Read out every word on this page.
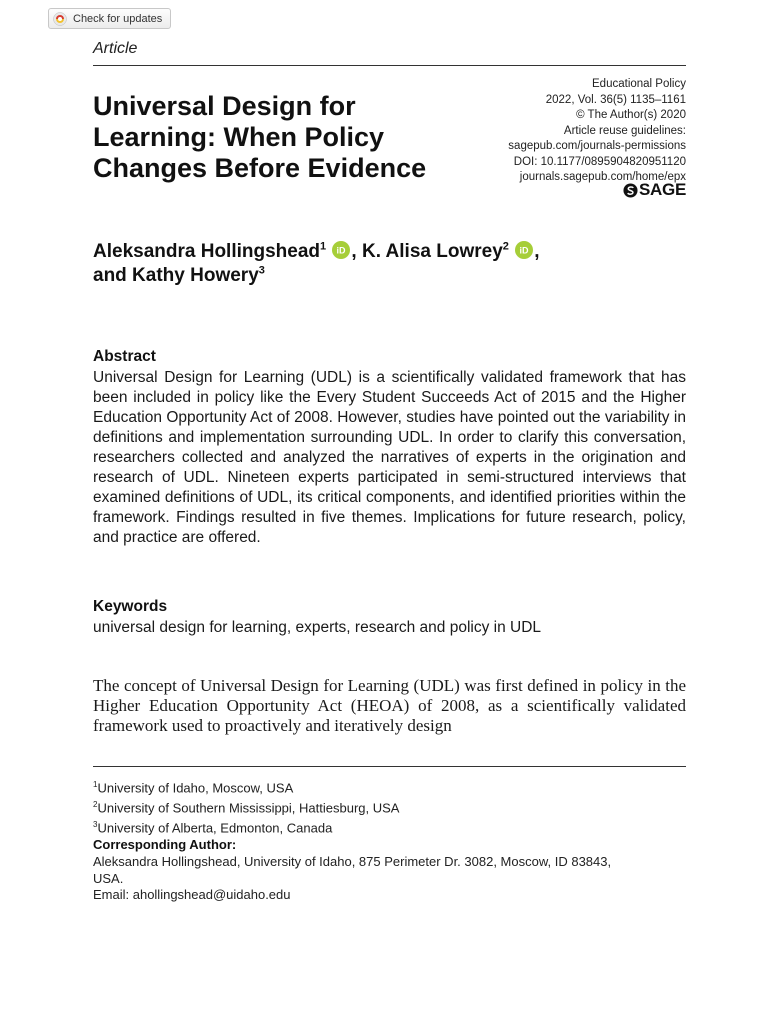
Check for updates
Article
Universal Design for
Learning: When Policy
Changes Before Evidence
Educational Policy
2022, Vol. 36(5) 1135–1161
© The Author(s) 2020
Article reuse guidelines:
sagepub.com/journals-permissions
DOI: 10.1177/0895904820951120
journals.sagepub.com/home/epx
SAGE
Aleksandra Hollingshead$^1$ iD , K. Alisa Lowrey$^2$ iD ,
and Kathy Howery$^3$
Abstract
Universal Design for Learning (UDL) is a scientifically validated framework that has been included in policy like the Every Student Succeeds Act of 2015 and the Higher Education Opportunity Act of 2008. However, studies have pointed out the variability in definitions and implementation surrounding UDL. In order to clarify this conversation, researchers collected and analyzed the narratives of experts in the origination and research of UDL. Nineteen experts participated in semi-structured interviews that examined definitions of UDL, its critical components, and identified priorities within the framework. Findings resulted in five themes. Implications for future research, policy, and practice are offered.
Keywords
universal design for learning, experts, research and policy in UDL
The concept of Universal Design for Learning (UDL) was first defined in policy in the Higher Education Opportunity Act (HEOA) of 2008, as a scientifically validated framework used to proactively and iteratively design
$^1$University of Idaho, Moscow, USA
$^2$University of Southern Mississippi, Hattiesburg, USA
$^3$University of Alberta, Edmonton, Canada
Corresponding Author:
Aleksandra Hollingshead, University of Idaho, 875 Perimeter Dr. 3082, Moscow, ID 83843,
USA.
Email: ahollingshead@uidaho.edu
